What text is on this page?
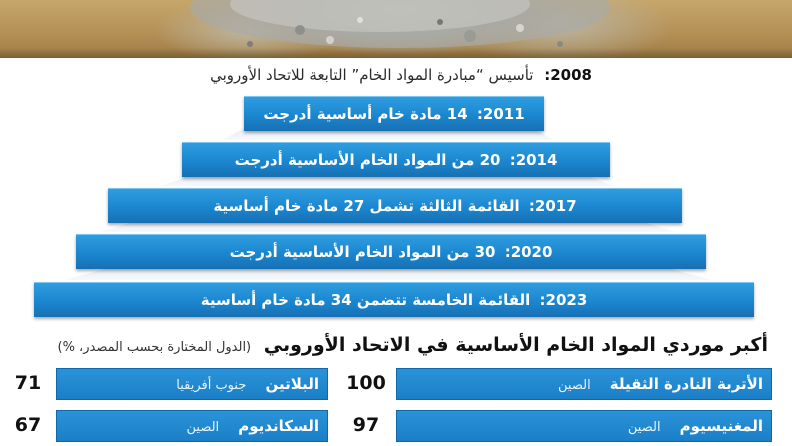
2008: تأسيس “مبادرة المواد الخام” التابعة للاتحاد الأوروبي
2011: 14 مادة خام أساسية أدرجت
2014: 20 من المواد الخام الأساسية أدرجت
2017: القائمة الثالثة تشمل 27 مادة خام أساسية
2020: 30 من المواد الخام الأساسية أدرجت
2023: القائمة الخامسة تتضمن 34 مادة خام أساسية
أكبر موردي المواد الخام الأساسية في الاتحاد الأوروبي (الدول المختارة بحسب المصدر، %)
الأتربة النادرة الثقيلة الصين
100
البلاتين جنوب أفريقيا
71
المغنيسيوم الصين
97
السكانديوم الصين
67
